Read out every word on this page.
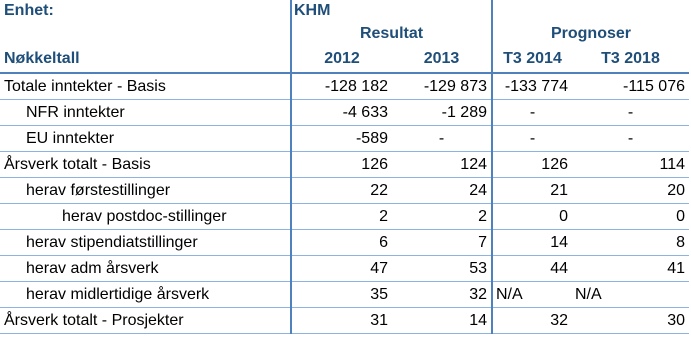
Enhet:	KHM			
	Resultat		Prognoser	
Nøkkeltall	2012	2013	T3 2014	T3 2018
Totale inntekter - Basis	-128 182	-129 873	-133 774	-115 076
NFR inntekter	-4 633	-1 289	-	-
EU inntekter	-589	-	-	-
Årsverk totalt - Basis	126	124	126	114
herav førstestillinger	22	24	21	20
herav postdoc-stillinger	2	2	0	0
herav stipendiatstillinger	6	7	14	8
herav adm årsverk	47	53	44	41
herav midlertidige årsverk	35	32	N/A	N/A
Årsverk totalt - Prosjekter	31	14	32	30
